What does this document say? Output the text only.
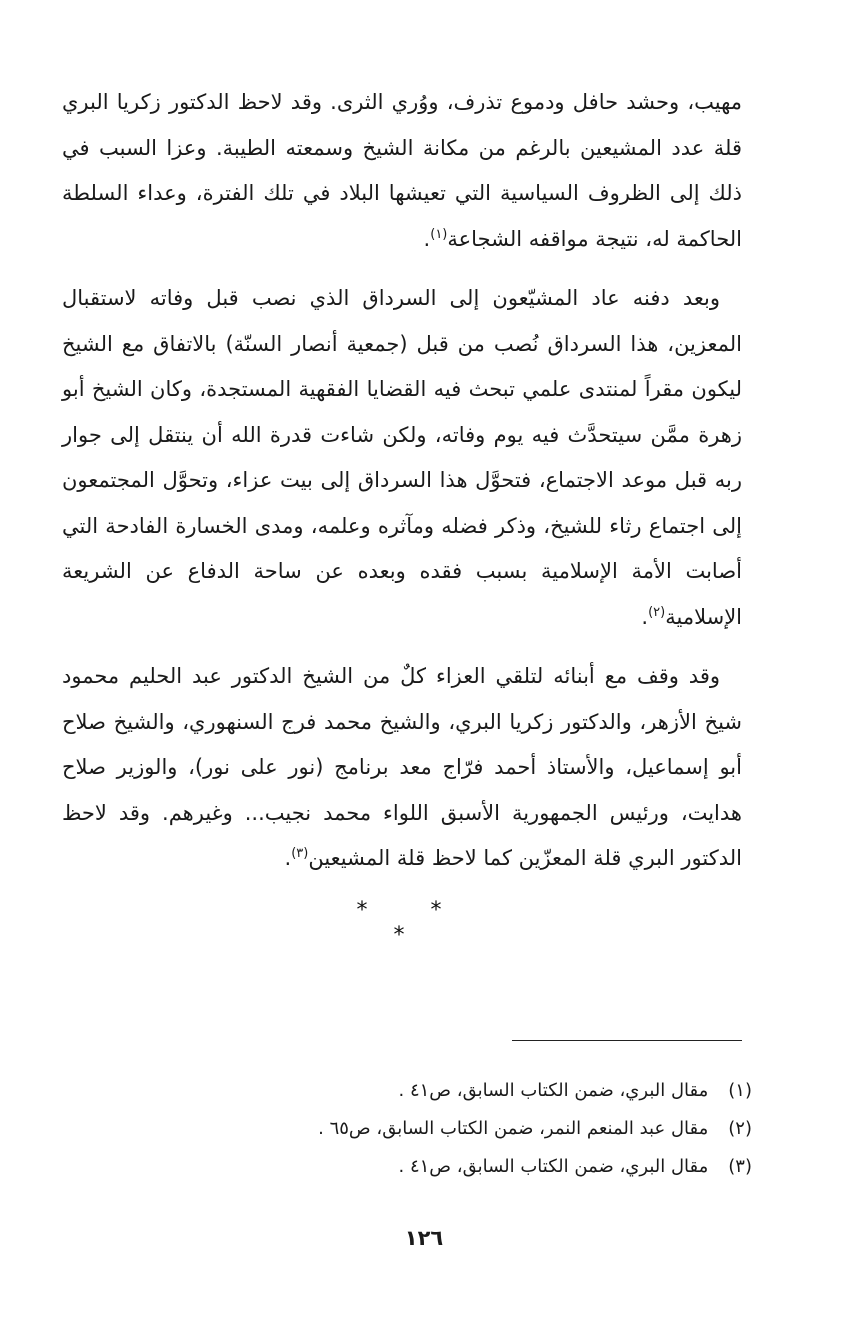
مهيب، وحشد حافل ودموع تذرف، ووُري الثرى. وقد لاحظ الدكتور زكريا البري قلة عدد المشيعين بالرغم من مكانة الشيخ وسمعته الطيبة. وعزا السبب في ذلك إلى الظروف السياسية التي تعيشها البلاد في تلك الفترة، وعداء السلطة الحاكمة له، نتيجة مواقفه الشجاعة$^{(١)}$.

وبعد دفنه عاد المشيّعون إلى السرداق الذي نصب قبل وفاته لاستقبال المعزين، هذا السرداق نُصب من قبل (جمعية أنصار السنّة) بالاتفاق مع الشيخ ليكون مقراً لمنتدى علمي تبحث فيه القضايا الفقهية المستجدة، وكان الشيخ أبو زهرة ممَّن سيتحدَّث فيه يوم وفاته، ولكن شاءت قدرة الله أن ينتقل إلى جوار ربه قبل موعد الاجتماع، فتحوَّل هذا السرداق إلى بيت عزاء، وتحوَّل المجتمعون إلى اجتماع رثاء للشيخ، وذكر فضله ومآثره وعلمه، ومدى الخسارة الفادحة التي أصابت الأمة الإسلامية بسبب فقده وبعده عن ساحة الدفاع عن الشريعة الإسلامية$^{(٢)}$.

وقد وقف مع أبنائه لتلقي العزاء كلٌ من الشيخ الدكتور عبد الحليم محمود شيخ الأزهر، والدكتور زكريا البري، والشيخ محمد فرج السنهوري، والشيخ صلاح أبو إسماعيل، والأستاذ أحمد فرّاج معد برنامج (نور على نور)، والوزير صلاح هدايت، ورئيس الجمهورية الأسبق اللواء محمد نجيب... وغيرهم. وقد لاحظ الدكتور البري قلة المعزّين كما لاحظ قلة المشيعين$^{(٣)}$.

* * *
(١) مقال البري، ضمن الكتاب السابق، ص٤١ .
(٢) مقال عبد المنعم النمر، ضمن الكتاب السابق، ص٦٥ .
(٣) مقال البري، ضمن الكتاب السابق، ص٤١ .
١٢٦
